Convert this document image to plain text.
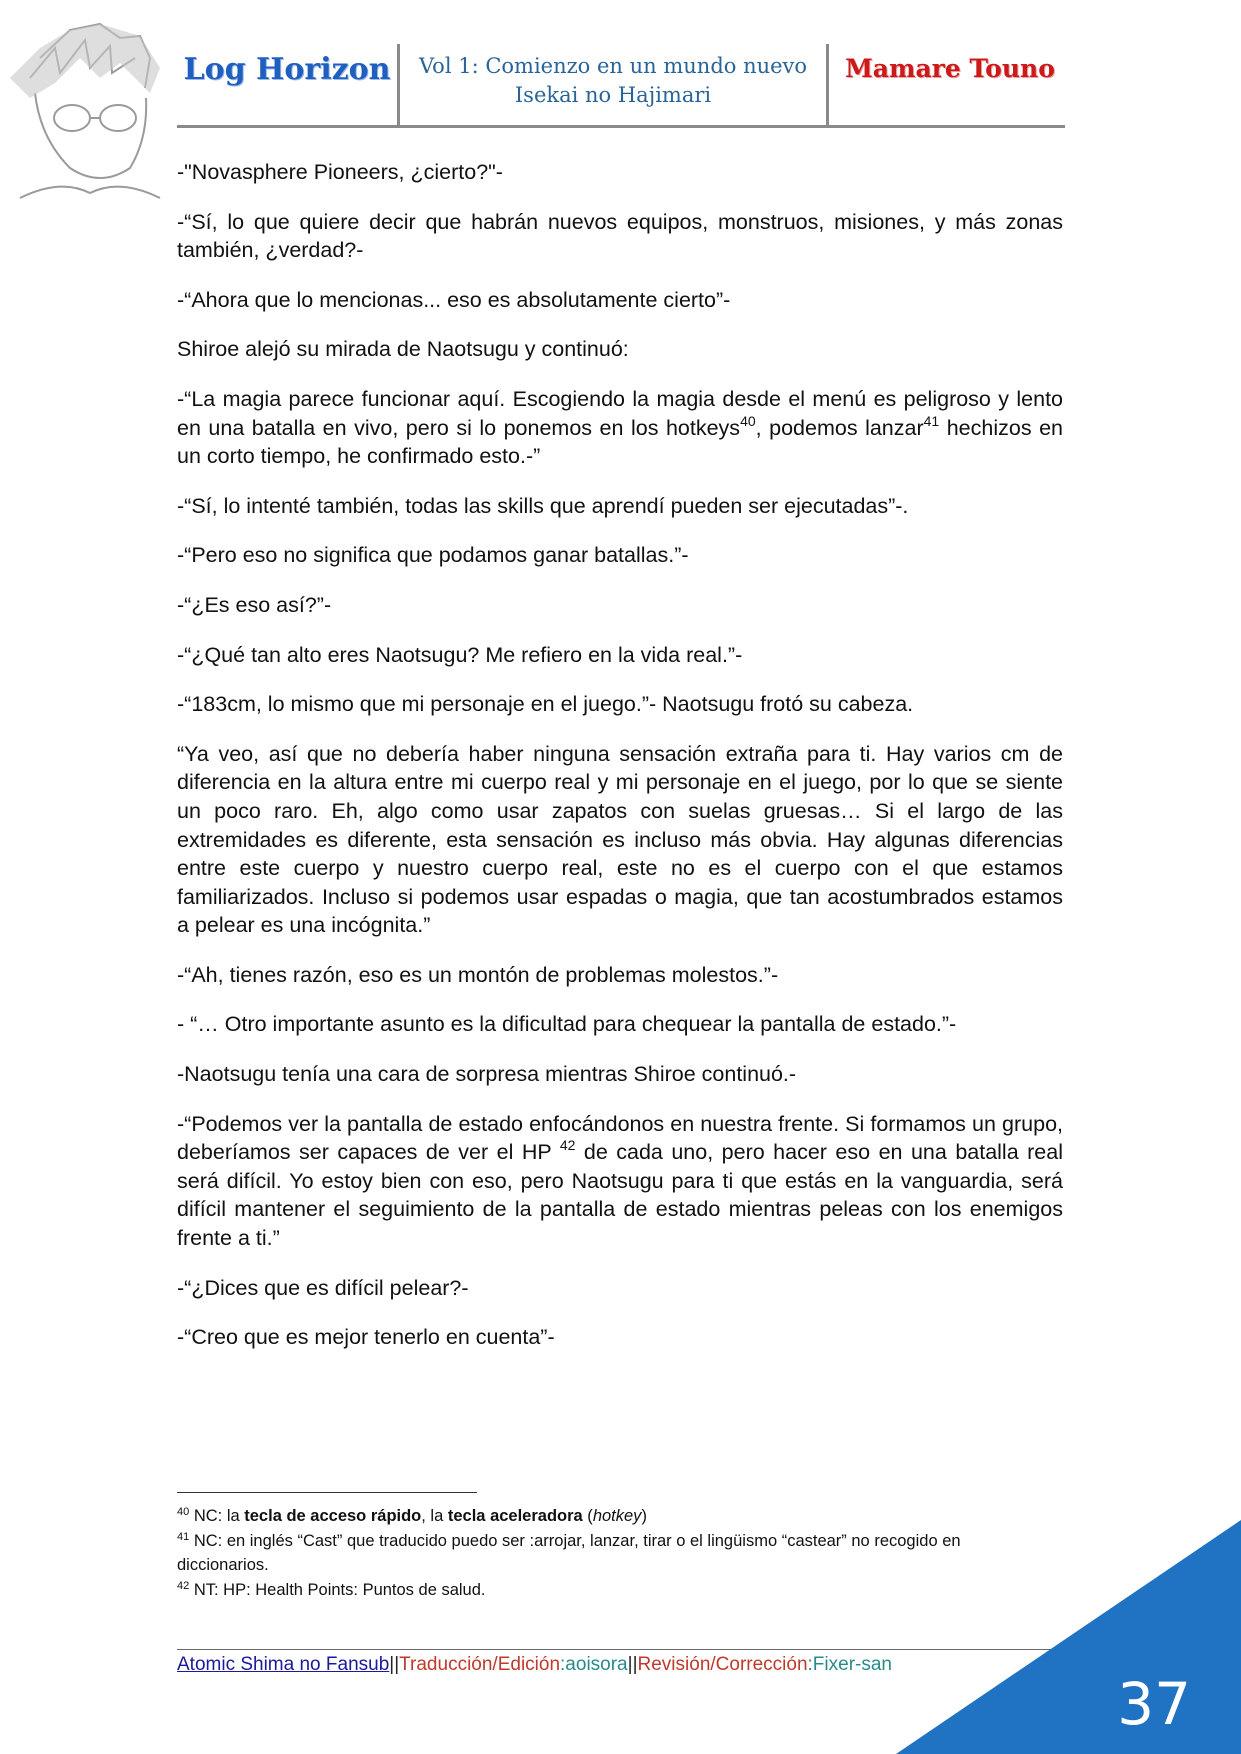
Log Horizon	Vol 1: Comienzo en un mundo nuevo
Isekai no Hajimari
Mamare Touno

-"Novasphere Pioneers, ¿cierto?"-

-“Sí, lo que quiere decir que habrán nuevos equipos, monstruos, misiones, y más zonas también, ¿verdad?-

-“Ahora que lo mencionas... eso es absolutamente cierto”-

Shiroe alejó su mirada de Naotsugu y continuó:

-“La magia parece funcionar aquí. Escogiendo la magia desde el menú es peligroso y lento en una batalla en vivo, pero si lo ponemos en los hotkeys$^{40}$, podemos lanzar$^{41}$ hechizos en un corto tiempo, he confirmado esto.-”

-“Sí, lo intenté también, todas las skills que aprendí pueden ser ejecutadas”-.

-“Pero eso no significa que podamos ganar batallas.”-

-“¿Es eso así?”-

-“¿Qué tan alto eres Naotsugu? Me refiero en la vida real.”-

-“183cm, lo mismo que mi personaje en el juego.”- Naotsugu frotó su cabeza.

“Ya veo, así que no debería haber ninguna sensación extraña para ti. Hay varios cm de diferencia en la altura entre mi cuerpo real y mi personaje en el juego, por lo que se siente un poco raro. Eh, algo como usar zapatos con suelas gruesas… Si el largo de las extremidades es diferente, esta sensación es incluso más obvia. Hay algunas diferencias entre este cuerpo y nuestro cuerpo real, este no es el cuerpo con el que estamos familiarizados. Incluso si podemos usar espadas o magia, que tan acostumbrados estamos a pelear es una incógnita.”

-“Ah, tienes razón, eso es un montón de problemas molestos.”-

- “… Otro importante asunto es la dificultad para chequear la pantalla de estado.”-

-Naotsugu tenía una cara de sorpresa mientras Shiroe continuó.-

-“Podemos ver la pantalla de estado enfocándonos en nuestra frente. Si formamos un grupo, deberíamos ser capaces de ver el HP $^{42}$ de cada uno, pero hacer eso en una batalla real será difícil. Yo estoy bien con eso, pero Naotsugu para ti que estás en la vanguardia, será difícil mantener el seguimiento de la pantalla de estado mientras peleas con los enemigos frente a ti.”

-“¿Dices que es difícil pelear?-

-“Creo que es mejor tenerlo en cuenta”-

$^{40}$ NC: la tecla de acceso rápido, la tecla aceleradora (hotkey)

$^{41}$ NC: en inglés “Cast” que traducido puedo ser :arrojar, lanzar, tirar o el lingüismo “castear” no recogido en diccionarios.

$^{42}$ NT: HP: Health Points: Puntos de salud.

Atomic Shima no Fansub||Traducción/Edición:aoisora||Revisión/Corrección:Fixer-san
37
